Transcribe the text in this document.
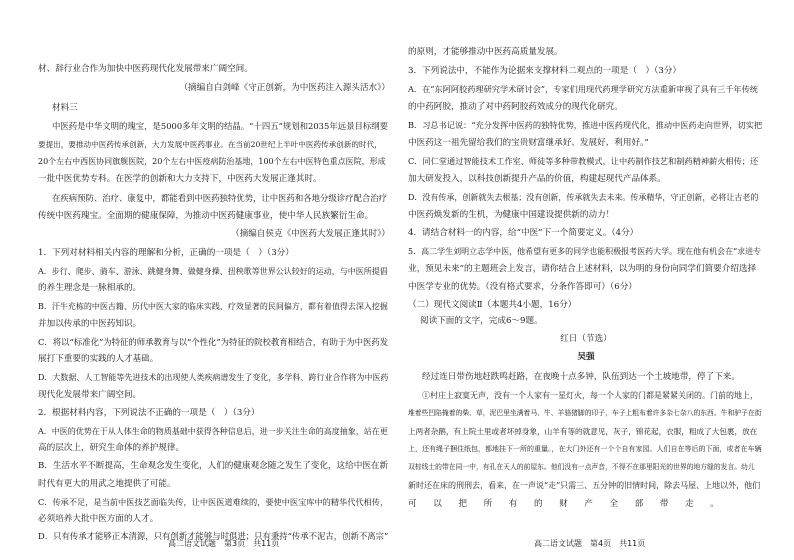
材、辞行业合作为加快中医药现代化发展带来广阔空间。
（摘编自白剑峰《守正创新，为中医药注入源头活水》）
材料三
中医药是中华文明的瑰宝，是5000多年文明的结晶。“十四五”规划和2035年远景目标纲要
要提出，要推动中医药传承创新，大力发展中医药事业。在当前20世纪上半叶中医药传承创新的时代，
20个左右中西医协同旗舰医院，20个左右中医疫病防治基地，100个左右中医特色重点医院，形成
一批中医优势专科。在医学的创新和大力支持下，中医药大发展正逢其时。
在疾病预防、治疗、康复中，都能看到中医药独特优势，让中医药和各地分级诊疗配合治疗
传统中医药瑰宝。全面期的健康保障，为推动中医药健康事业，使中华人民族繁衍生命。
（摘编自侯克《中医药大发展正逢其时》）
1．下列对材料相关内容的理解和分析，正确的一项是（　）（3分）
A．步行、爬步、骑车、游泳、跳健身舞、做健身操、扭秧歌等世界公认较好的运动，与中医所提倡
的养生理念是一脉相承的。
B．汗牛充栋的中医古籍、历代中医大家的临床实践、疗效显著的民间偏方，都有着值得去深入挖掘
并加以传承的中医药知识。
C．将以“标准化”为特征的师承教育与以“个性化”为特征的院校教育相结合，有助于为中医药发
展打下重要的实践的人才基础。
D．大数据、人工智能等先进技术的出现使人类疾病谱发生了变化，多学科、跨行业合作将为中医药
现代化发展带来广阔空间。
2．根据材料内容，下列说法不正确的一项是（　）（3分）
A．中医的优势在于从人体生命的物质基础中获得各种信息后，进一步关注生命的高度抽象，站在更
高的层次上，研究生命体的养护规律。
B．生活水平不断提高，生命观念发生变化，人们的健康观念随之发生了变化，这给中医在新
时代有更大的用武之地提供了可能。
C．传承不足，是当前中医技艺面临失传，让中医医道难续的，要使中医宝库中的精华代代相传，
必须培养大批中医方面的人才。
D．只有传承才能够正本清源，只有创新才能够与时俱进；只有秉持“传承不泥古，创新不离宗”
高二语文试题　第3页　共11页
的原则，才能够推动中医药高质量发展。
3．下列说法中，不能作为论据来支撑材料二观点的一项是（　）（3分）
A．在“东阿阿胶药理研究学术研讨会”，专家们用现代药理学研究方法重新审视了具有三千年传统
的中药阿胶，推动了对中药阿胶药效成分的现代化研究。
B．习总书记说：“充分发挥中医药的独特优势，推进中医药现代化，推动中医药走向世界，切实把
中医药这一祖先留给我们的宝贵财富继承好、发展好、利用好。”
C．同仁堂通过智能技术工作室、师徒等多种带教模式，让中药制作技艺和制药精神薪火相传；还
加大研发投入，以科技创新提升产品的价值，构建起现代产品体系。
D．没有传承，创新就失去根基；没有创新，传承就失去未来。传承精华，守正创新，必将让古老的
中医药焕发新的生机，为健康中国建设提供新的动力！
4．请结合材料一的内容，给“中医”下一个简要定义。（4分）
5．高二学生刘明立志学中医，他希望有更多的同学也能积极报考医药大学。现在他有机会在“求进专
业，预见未来”的主题班会上发言，请你结合上述材料，以为明的身份向同学们简要介绍选择
中医学专业的优势。（没有格式要求，分条作答即可）（6分）
（二）现代文阅读Ⅱ（本题共4小题，16分）
阅读下面的文字，完成6～9题。
红日（节选）
吴强
经过连日带伤地赶跌鸣赶路，在夜晚十点多钟，队伍到达一个土坡地带，停了下来。
①村庄上寂寞无声，没有一个人家有一星灯火，每一个人家的门都是紧紧关闭的。门前的地上，
堆着些凹陷掩着的柴、草，泥巴里坐满着马、牛、羊骆猪脚的印子，车子上粗布着许多杂七杂八的东西。牛和驴子在街
上两者杂鹅，有上院土里或者坏掉身象，山羊有等的就意见，灰子，锦花起，衣服，粗成了大包裹，放在
上，还有绳子捆住纸包，都地挂下一所的重量。，在大门外还有一个个自有家园。人们自在等后的下面，或者在车辆
双棕线士的带在同一中，有孔在天人的前屋东。他们没有一点声音，不得不在那里阳光的世界的地方缝的发言。幼儿
新时还在床的刑刑去，看来，在一声说“走”只需三、五分钟的旧情时间，除去马屋、上地以外，他们
可　以　把　所　有　的　财　产　全　部　带　走　。
高二语文试题　第4页　共11页
